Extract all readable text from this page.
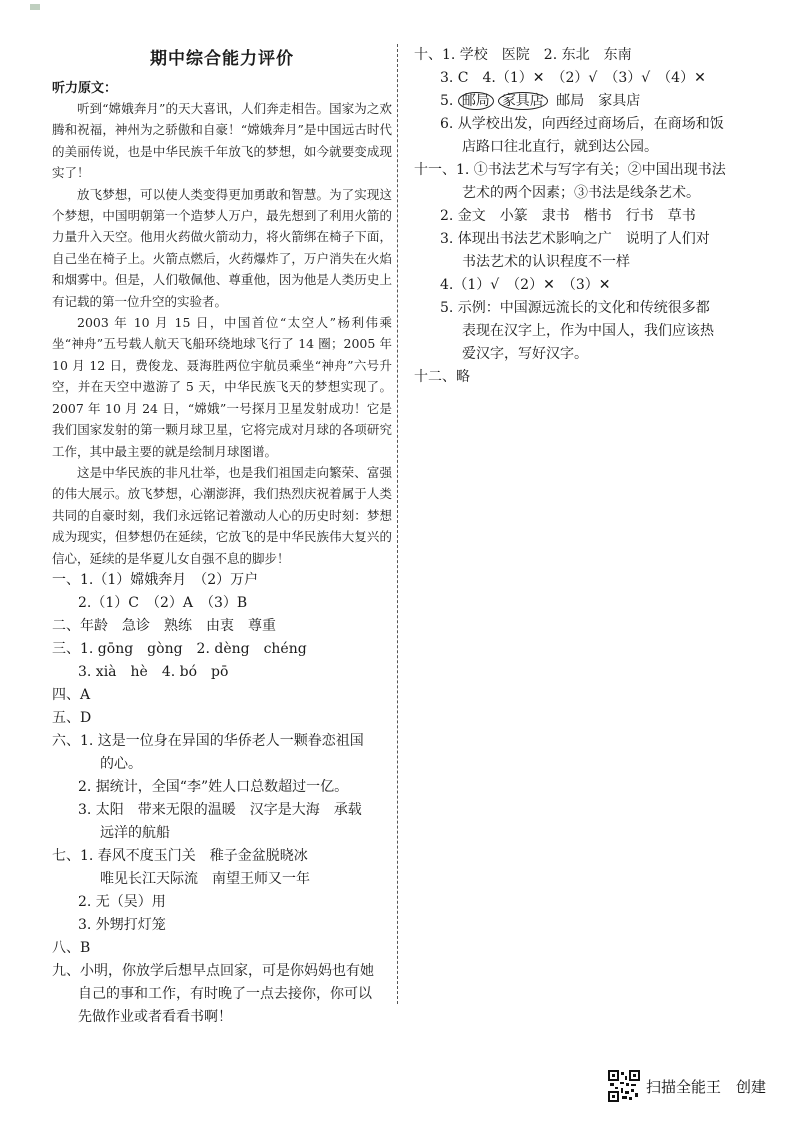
期中综合能力评价
听力原文：

听到“嫦娥奔月”的天大喜讯，人们奔走相告。国家为之欢腾和祝福，神州为之骄傲和自豪！“嫦娥奔月”是中国远古时代的美丽传说，也是中华民族千年放飞的梦想，如今就要变成现实了！

放飞梦想，可以使人类变得更加勇敢和智慧。为了实现这个梦想，中国明朝第一个造梦人万户，最先想到了利用火箭的力量升入天空。他用火药做火箭动力，将火箭绑在椅子下面，自己坐在椅子上。火箭点燃后，火药爆炸了，万户消失在火焰和烟雾中。但是，人们敬佩他、尊重他，因为他是人类历史上有记载的第一位升空的实验者。

2003 年 10 月 15 日，中国首位“太空人”杨利伟乘坐“神舟”五号载人航天飞船环绕地球飞行了 14 圈；2005 年 10 月 12 日，费俊龙、聂海胜两位宇航员乘坐“神舟”六号升空，并在天空中遨游了 5 天，中华民族飞天的梦想实现了。2007 年 10 月 24 日，“嫦娥”一号探月卫星发射成功！它是我们国家发射的第一颗月球卫星，它将完成对月球的各项研究工作，其中最主要的就是绘制月球图谱。

这是中华民族的非凡壮举，也是我们祖国走向繁荣、富强的伟大展示。放飞梦想，心潮澎湃，我们热烈庆祝着属于人类共同的自豪时刻，我们永远铭记着激动人心的历史时刻：梦想成为现实，但梦想仍在延续，它放飞的是中华民族伟大复兴的信心，延续的是华夏儿女自强不息的脚步！

一、1.（1）嫦娥奔月　（2）万户
2.（1）C　（2）A　（3）B
二、年龄　急诊　熟练　由衷　尊重
三、1. gōng　gòng　2. dèng　chéng
3. xià　hè　4. bó　pō
四、A
五、D
六、1. 这是一位身在异国的华侨老人一颗眷恋祖国
的心。
2. 据统计，全国“李”姓人口总数超过一亿。
3. 太阳　带来无限的温暖　汉字是大海　承载
远洋的航船
七、1. 春风不度玉门关　稚子金盆脱晓冰
唯见长江天际流　南望王师又一年
2. 无（吴）用
3. 外甥打灯笼
八、B
九、小明，你放学后想早点回家，可是你妈妈也有她
自己的事和工作，有时晚了一点去接你，你可以
先做作业或者看看书啊！
十、1. 学校　医院　2. 东北　东南
3. C　4.（1）✕　（2）√　（3）√　（4）✕
5. 邮局 家具店 邮局　家具店
6. 从学校出发，向西经过商场后，在商场和饭
店路口往北直行，就到达公园。
十一、1. ①书法艺术与写字有关；②中国出现书法
艺术的两个因素；③书法是线条艺术。
2. 金文　小篆　隶书　楷书　行书　草书
3. 体现出书法艺术影响之广　说明了人们对
书法艺术的认识程度不一样
4.（1）√　（2）✕　（3）✕
5. 示例：中国源远流长的文化和传统很多都
表现在汉字上，作为中国人，我们应该热
爱汉字，写好汉字。
十二、略
扫描全能王　创建
